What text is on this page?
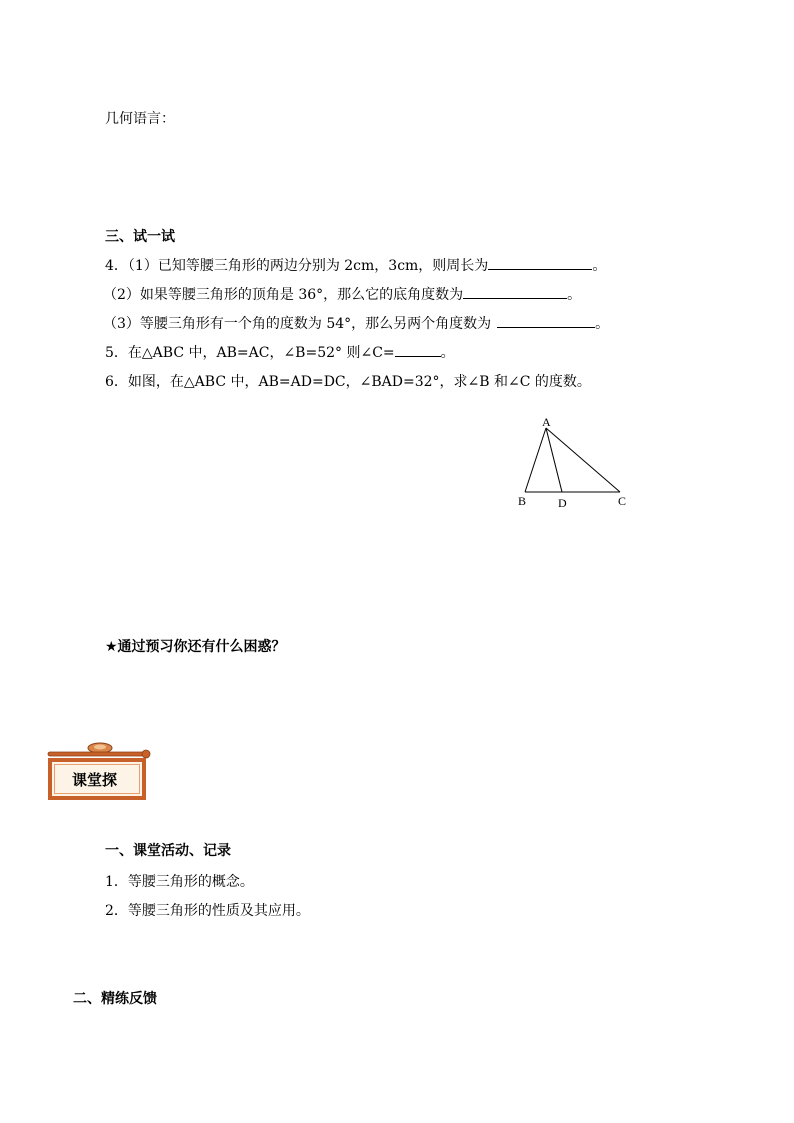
几何语言：
三、试一试
4．（1）已知等腰三角形的两边分别为 2cm，3cm，则周长为	。
（2）如果等腰三角形的顶角是 36°，那么它的底角度数为	。
（3）等腰三角形有一个角的度数为 54°，那么另两个角度数为	。
5．在△ABC 中，AB=AC，∠B=52° 则∠C=	。
6．如图，在△ABC 中，AB=AD=DC，∠BAD=32°，求∠B 和∠C 的度数。
A
B	D	C
★通过预习你还有什么困惑？
课堂探
一、课堂活动、记录
1．等腰三角形的概念。
2．等腰三角形的性质及其应用。
二、精练反馈
